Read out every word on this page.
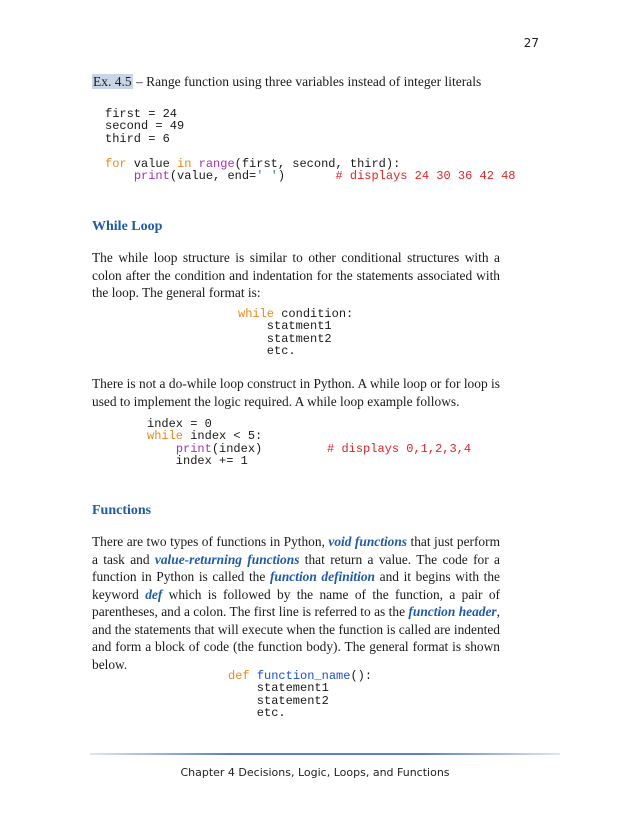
27
Ex. 4.5 – Range function using three variables instead of integer literals
first = 24
second = 49
third = 6

for value in range(first, second, third):
print(value, end=' ')       # displays 24 30 36 42 48
While Loop
The while loop structure is similar to other conditional structures with a colon after the condition and indentation for the statements associated with the loop. The general format is:
while condition:
statment1
statment2
etc.
There is not a do-while loop construct in Python. A while loop or for loop is used to implement the logic required. A while loop example follows.
index = 0
while index < 5:
print(index)         # displays 0,1,2,3,4
index += 1
Functions
There are two types of functions in Python, void functions that just perform a task and value-returning functions that return a value. The code for a function in Python is called the function definition and it begins with the keyword def which is followed by the name of the function, a pair of parentheses, and a colon. The first line is referred to as the function header, and the statements that will execute when the function is called are indented and form a block of code (the function body). The general format is shown below.
def function_name():
statement1
statement2
etc.
Chapter 4 Decisions, Logic, Loops, and Functions
